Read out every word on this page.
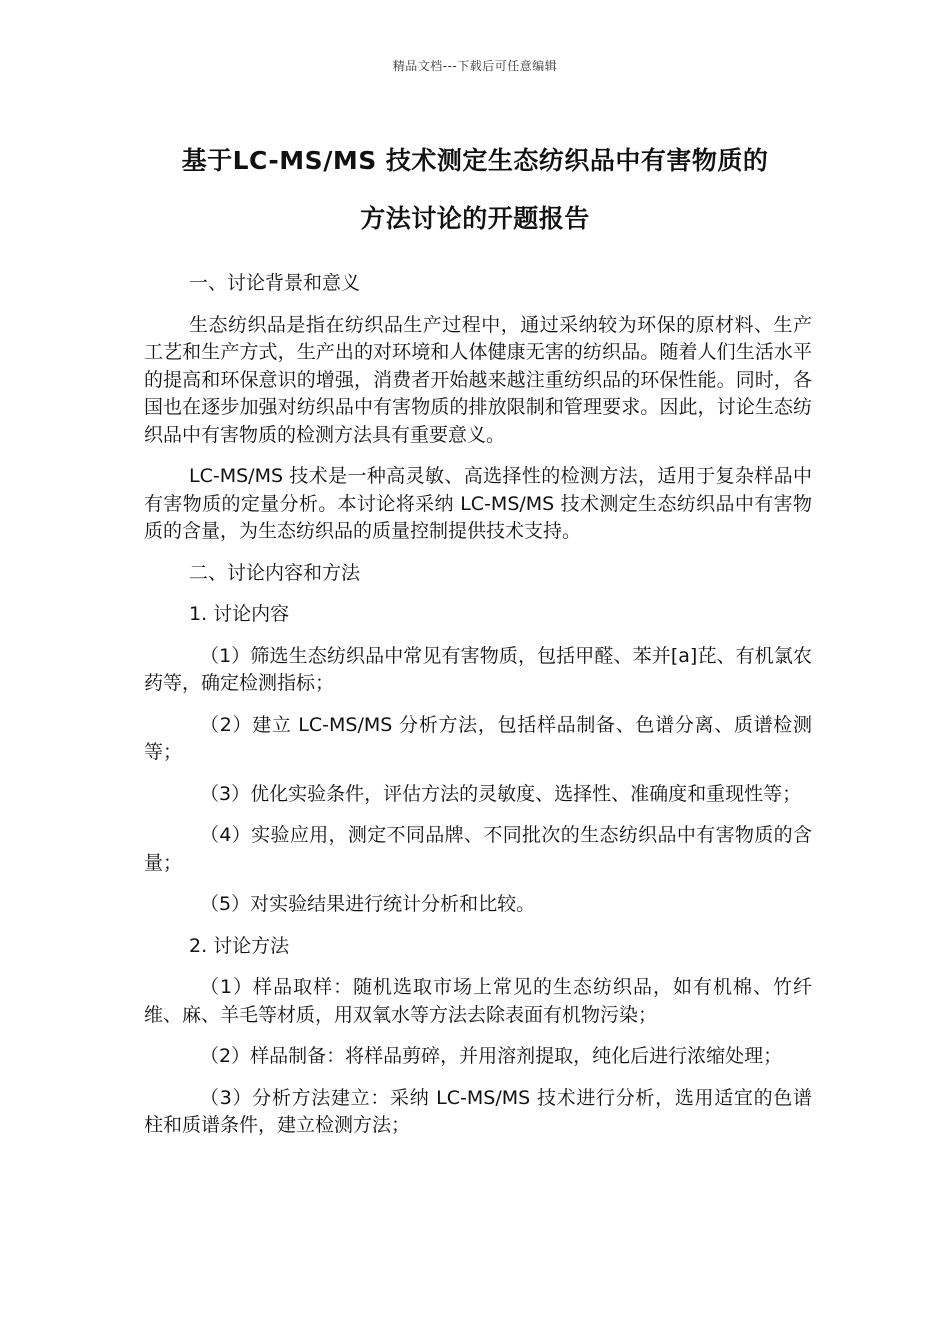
精品文档---下载后可任意编辑
基于LC-MS/MS 技术测定生态纺织品中有害物质的
方法讨论的开题报告

一、讨论背景和意义

生态纺织品是指在纺织品生产过程中，通过采纳较为环保的原材料、生产工艺和生产方式，生产出的对环境和人体健康无害的纺织品。随着人们生活水平的提高和环保意识的增强，消费者开始越来越注重纺织品的环保性能。同时，各国也在逐步加强对纺织品中有害物质的排放限制和管理要求。因此，讨论生态纺织品中有害物质的检测方法具有重要意义。

LC-MS/MS 技术是一种高灵敏、高选择性的检测方法，适用于复杂样品中有害物质的定量分析。本讨论将采纳 LC-MS/MS 技术测定生态纺织品中有害物质的含量，为生态纺织品的质量控制提供技术支持。

二、讨论内容和方法

1. 讨论内容

（1）筛选生态纺织品中常见有害物质，包括甲醛、苯并[a]芘、有机氯农药等，确定检测指标；

（2）建立 LC-MS/MS 分析方法，包括样品制备、色谱分离、质谱检测等；

（3）优化实验条件，评估方法的灵敏度、选择性、准确度和重现性等；

（4）实验应用，测定不同品牌、不同批次的生态纺织品中有害物质的含量；

（5）对实验结果进行统计分析和比较。

2. 讨论方法

（1）样品取样：随机选取市场上常见的生态纺织品，如有机棉、竹纤维、麻、羊毛等材质，用双氧水等方法去除表面有机物污染；

（2）样品制备：将样品剪碎，并用溶剂提取，纯化后进行浓缩处理；

（3）分析方法建立：采纳 LC-MS/MS 技术进行分析，选用适宜的色谱柱和质谱条件，建立检测方法；
